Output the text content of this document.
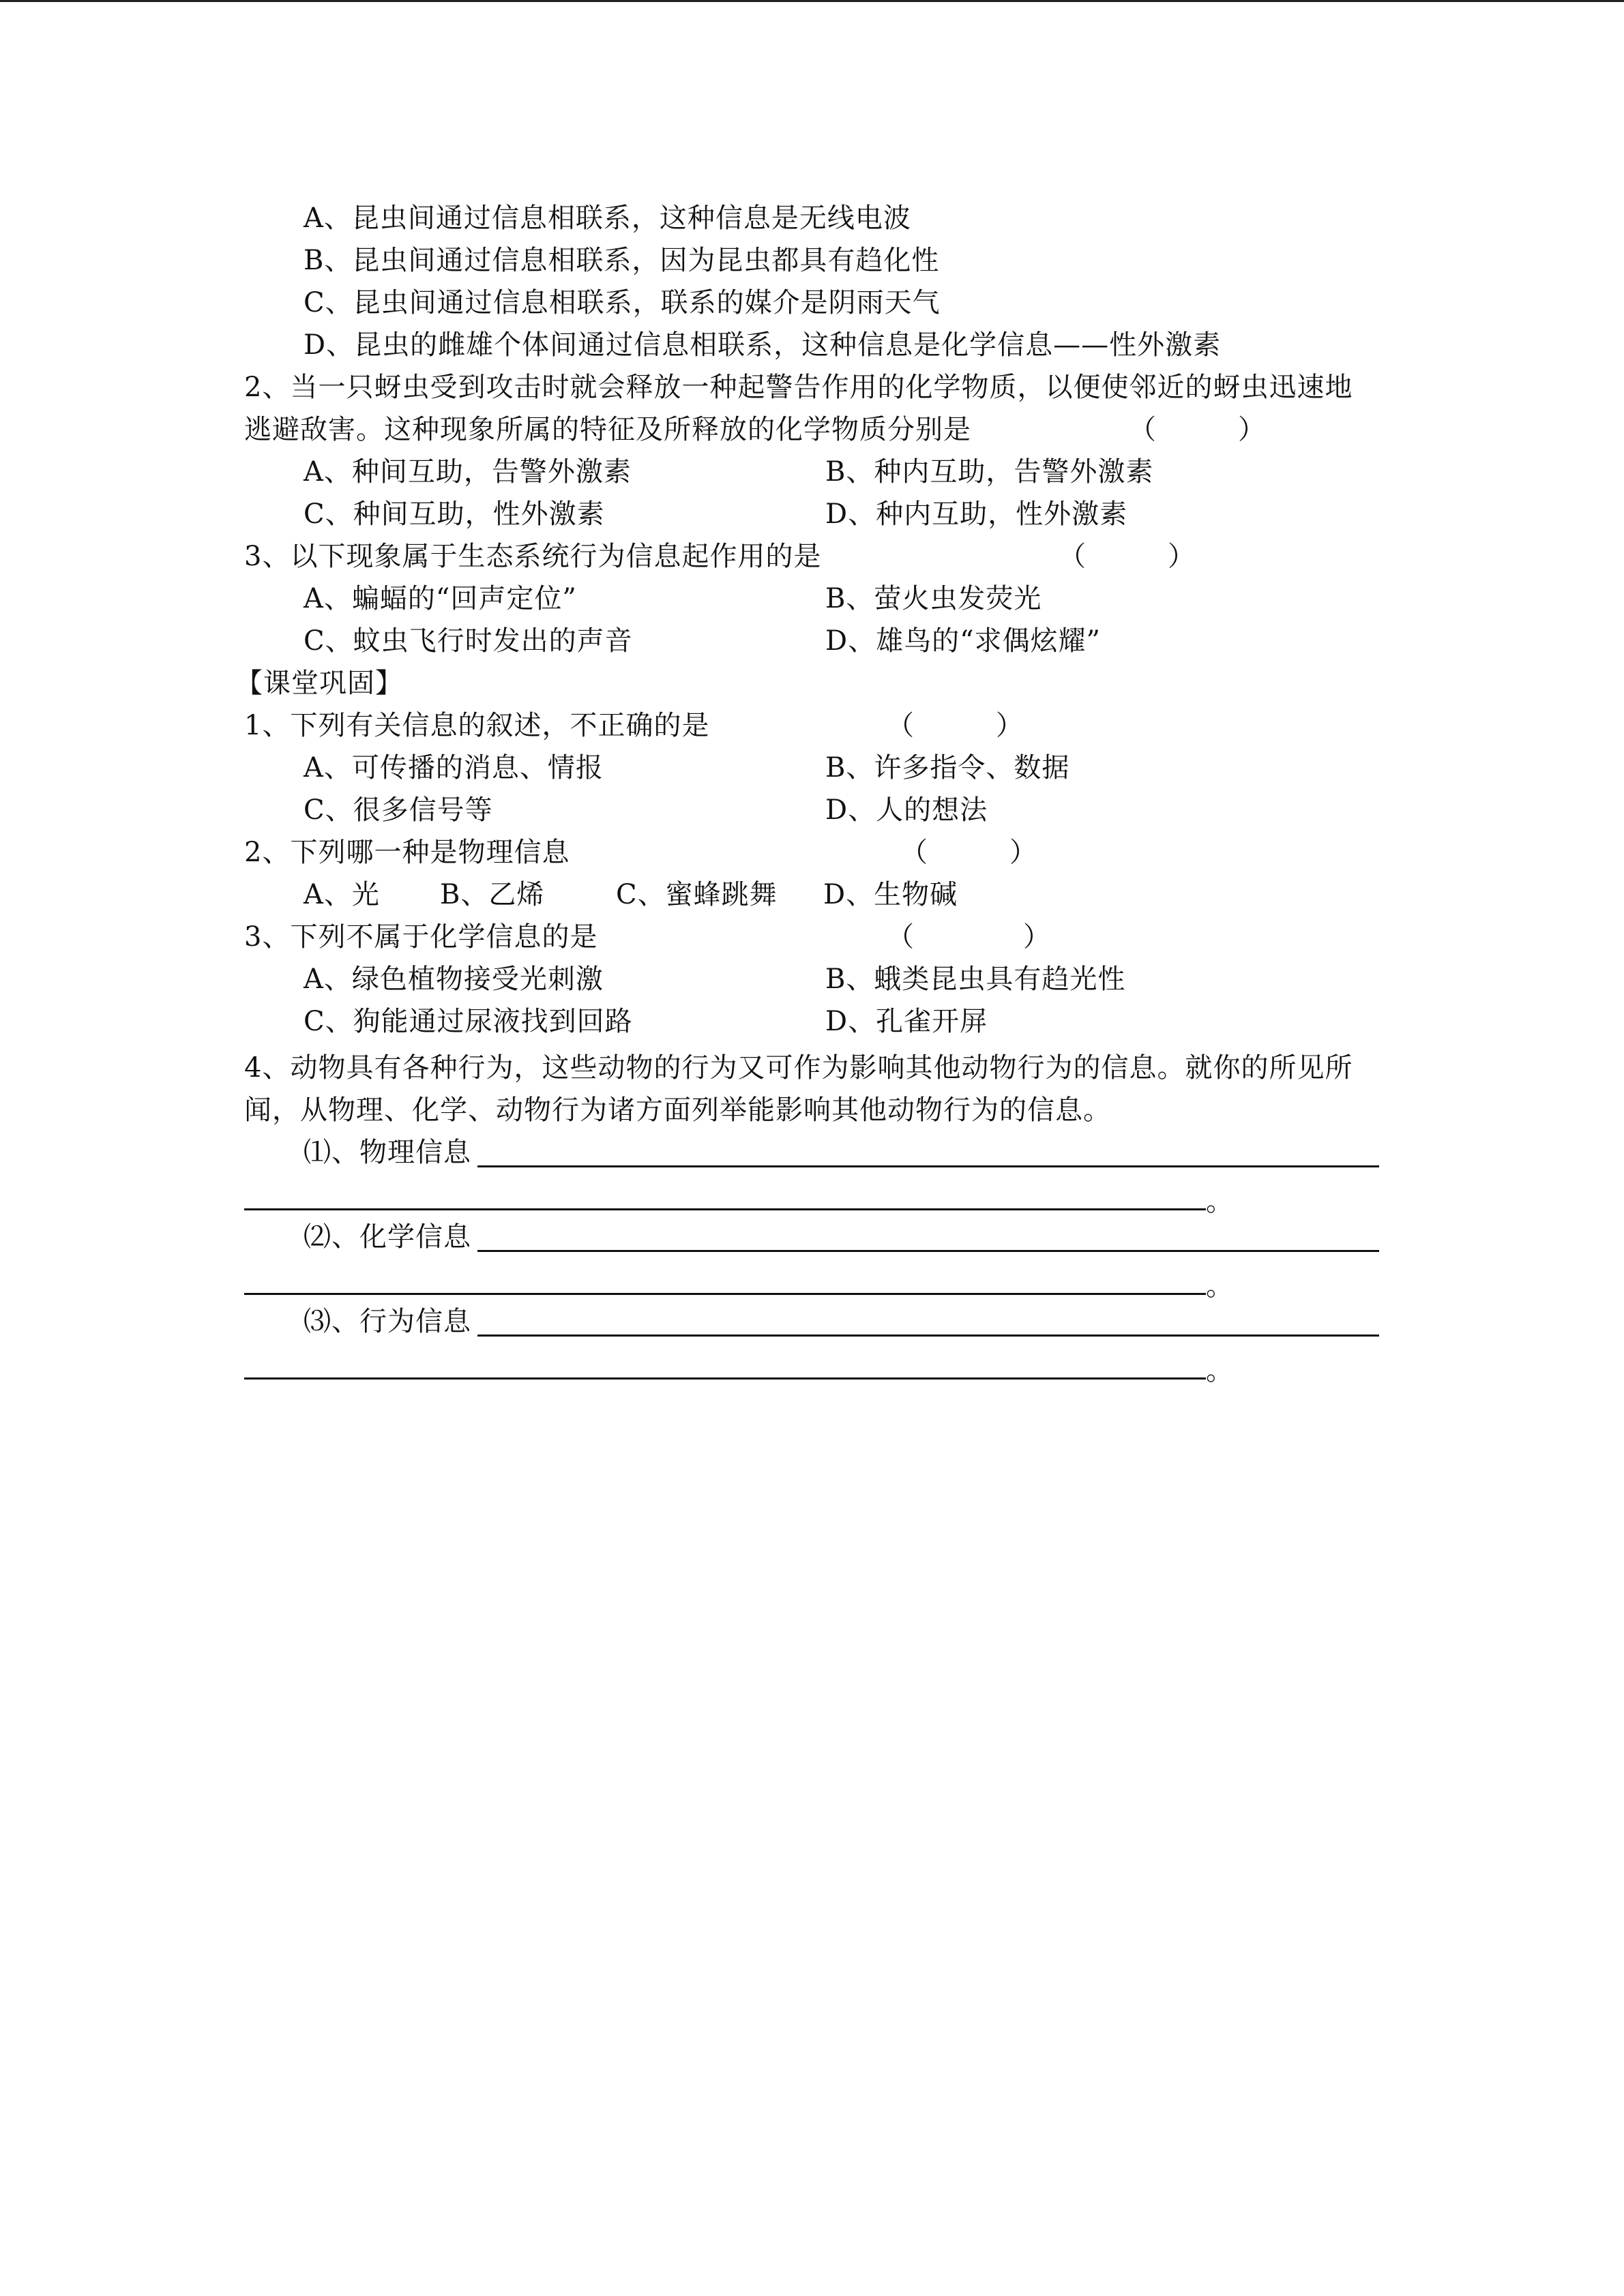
A、昆虫间通过信息相联系，这种信息是无线电波
B、昆虫间通过信息相联系，因为昆虫都具有趋化性
C、昆虫间通过信息相联系，联系的媒介是阴雨天气
D、昆虫的雌雄个体间通过信息相联系，这种信息是化学信息——性外激素
2、当一只蚜虫受到攻击时就会释放一种起警告作用的化学物质，以便使邻近的蚜虫迅速地
逃避敌害。这种现象所属的特征及所释放的化学物质分别是	（　　　）
A、种间互助，告警外激素	B、种内互助，告警外激素
C、种间互助，性外激素	D、种内互助，性外激素
3、以下现象属于生态系统行为信息起作用的是	（　　　）
A、蝙蝠的“回声定位”	B、萤火虫发荧光
C、蚊虫飞行时发出的声音	D、雄鸟的“求偶炫耀”
【课堂巩固】
1、下列有关信息的叙述，不正确的是	（　　　）
A、可传播的消息、情报	B、许多指令、数据
C、很多信号等	D、人的想法
2、下列哪一种是物理信息	（　　　）
A、光 B、乙烯	C、蜜蜂跳舞 D、生物碱
3、下列不属于化学信息的是	（　　　　）
A、绿色植物接受光刺激	B、蛾类昆虫具有趋光性
C、狗能通过尿液找到回路	D、孔雀开屏
4、动物具有各种行为，这些动物的行为又可作为影响其他动物行为的信息。就你的所见所
闻，从物理、化学、动物行为诸方面列举能影响其他动物行为的信息。
⑴、物理信息
。
⑵、化学信息
。
⑶、行为信息
。
